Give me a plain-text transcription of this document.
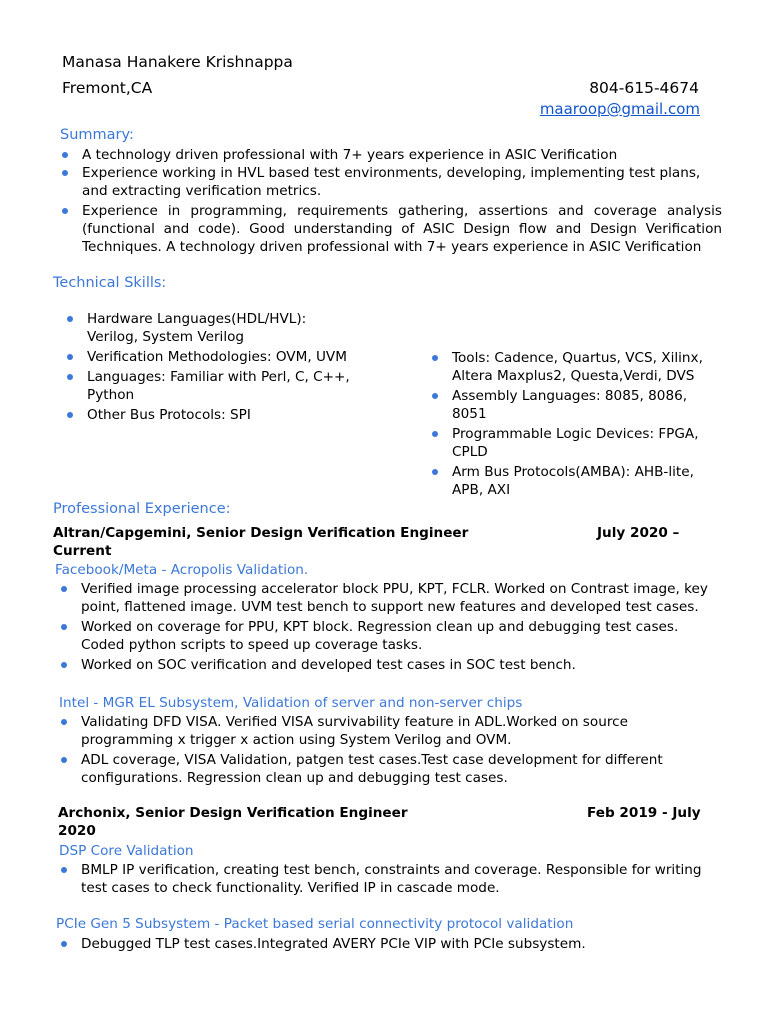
Manasa Hanakere Krishnappa
Fremont,CA	804-615-4674
maaroop@gmail.com
Summary:
A technology driven professional with 7+ years experience in ASIC Verification
Experience working in HVL based test environments, developing, implementing test plans, and extracting verification metrics.
Experience in programming, requirements gathering, assertions and coverage analysis (functional and code). Good understanding of ASIC Design flow and Design Verification Techniques. A technology driven professional with 7+ years experience in ASIC Verification
Technical Skills:
Hardware Languages(HDL/HVL): Verilog, System Verilog
Verification Methodologies: OVM, UVM
Languages: Familiar with Perl, C, C++, Python
Other Bus Protocols: SPI
Tools: Cadence, Quartus, VCS, Xilinx, Altera Maxplus2, Questa,Verdi, DVS
Assembly Languages: 8085, 8086, 8051
Programmable Logic Devices: FPGA, CPLD
Arm Bus Protocols(AMBA): AHB-lite, APB, AXI
Professional Experience:
Altran/Capgemini, Senior Design Verification Engineer	July 2020 –
Current
Facebook/Meta - Acropolis Validation.
Verified image processing accelerator block PPU, KPT, FCLR. Worked on Contrast image, key point, flattened image. UVM test bench to support new features and developed test cases.
Worked on coverage for PPU, KPT block. Regression clean up and debugging test cases. Coded python scripts to speed up coverage tasks.
Worked on SOC verification and developed test cases in SOC test bench.
Intel - MGR EL Subsystem, Validation of server and non-server chips
Validating DFD VISA. Verified VISA survivability feature in ADL.Worked on source programming x trigger x action using System Verilog and OVM.
ADL coverage, VISA Validation, patgen test cases.Test case development for different configurations. Regression clean up and debugging test cases.
Archonix, Senior Design Verification Engineer	Feb 2019 - July
2020
DSP Core Validation
BMLP IP verification, creating test bench, constraints and coverage. Responsible for writing test cases to check functionality. Verified IP in cascade mode.
PCIe Gen 5 Subsystem - Packet based serial connectivity protocol validation
Debugged TLP test cases.Integrated AVERY PCIe VIP with PCIe subsystem.
